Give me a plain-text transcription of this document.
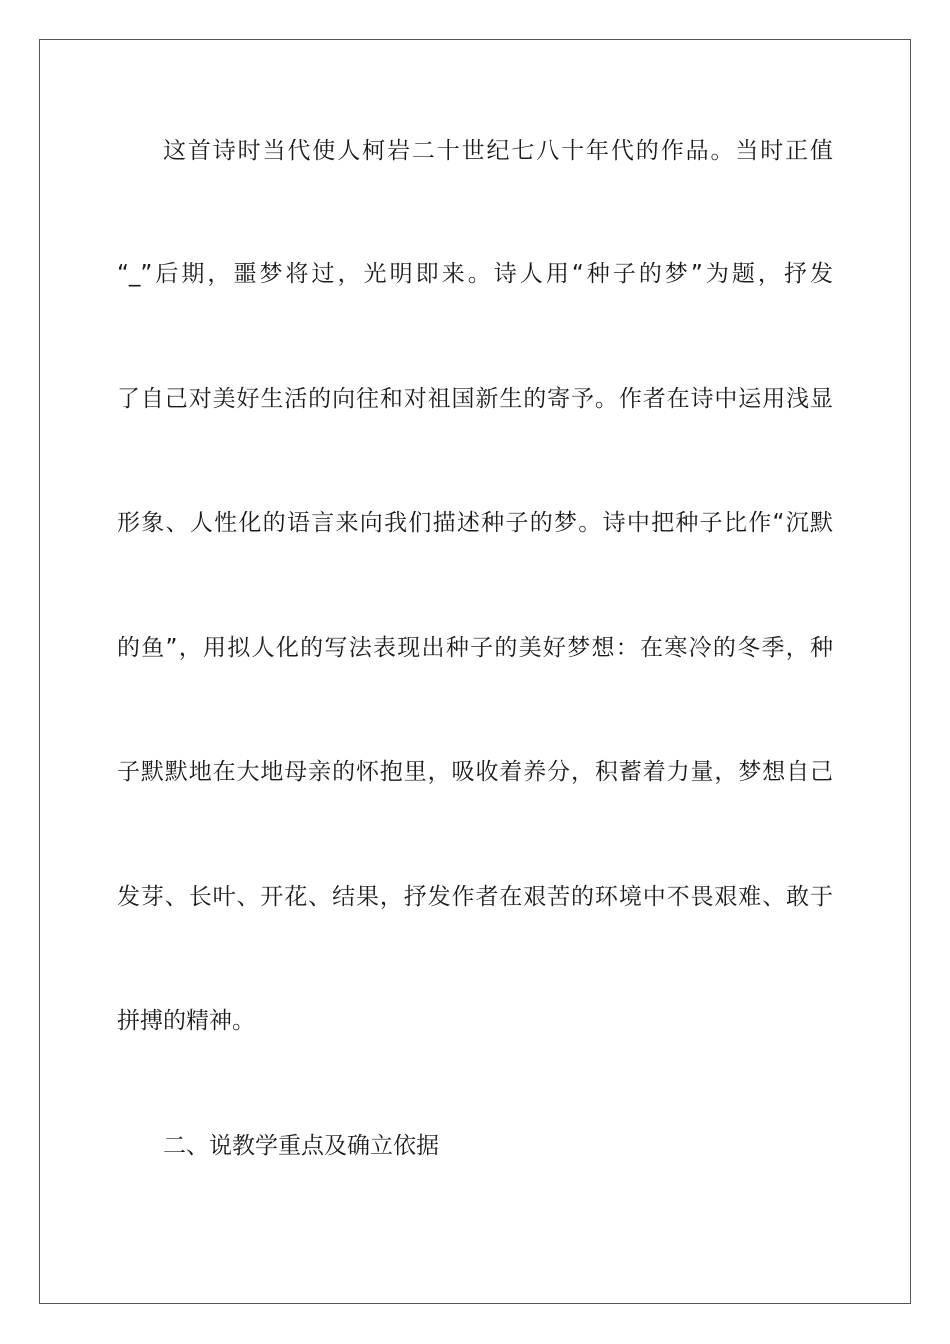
这首诗时当代使人柯岩二十世纪七八十年代的作品。当时正值
“_”后期，噩梦将过，光明即来。诗人用“种子的梦”为题，抒发
了自己对美好生活的向往和对祖国新生的寄予。作者在诗中运用浅显
形象、人性化的语言来向我们描述种子的梦。诗中把种子比作“沉默
的鱼”，用拟人化的写法表现出种子的美好梦想：在寒冷的冬季，种
子默默地在大地母亲的怀抱里，吸收着养分，积蓄着力量，梦想自己
发芽、长叶、开花、结果，抒发作者在艰苦的环境中不畏艰难、敢于
拼搏的精神。
二、说教学重点及确立依据
